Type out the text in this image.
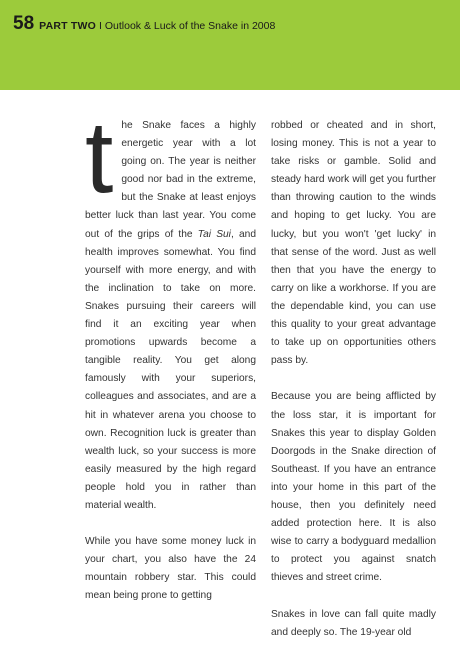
58 PART TWO I Outlook & Luck of the Snake in 2008

the Snake faces a highly energetic year with a lot going on. The year is neither good nor bad in the extreme, but the Snake at least enjoys better luck than last year. You come out of the grips of the Tai Sui, and health improves somewhat. You find yourself with more energy, and with the inclination to take on more. Snakes pursuing their careers will find it an exciting year when promotions upwards become a tangible reality. You get along famously with your superiors, colleagues and associates, and are a hit in whatever arena you choose to own. Recognition luck is greater than wealth luck, so your success is more easily measured by the high regard people hold you in rather than material wealth.

While you have some money luck in your chart, you also have the 24 mountain robbery star. This could mean being prone to getting

robbed or cheated and in short, losing money. This is not a year to take risks or gamble. Solid and steady hard work will get you further than throwing caution to the winds and hoping to get lucky. You are lucky, but you won't 'get lucky' in that sense of the word. Just as well then that you have the energy to carry on like a workhorse. If you are the dependable kind, you can use this quality to your great advantage to take up on opportunities others pass by.

Because you are being afflicted by the loss star, it is important for Snakes this year to display Golden Doorgods in the Snake direction of Southeast. If you have an entrance into your home in this part of the house, then you definitely need added protection here. It is also wise to carry a bodyguard medallion to protect you against snatch thieves and street crime.

Snakes in love can fall quite madly and deeply so. The 19-year old
